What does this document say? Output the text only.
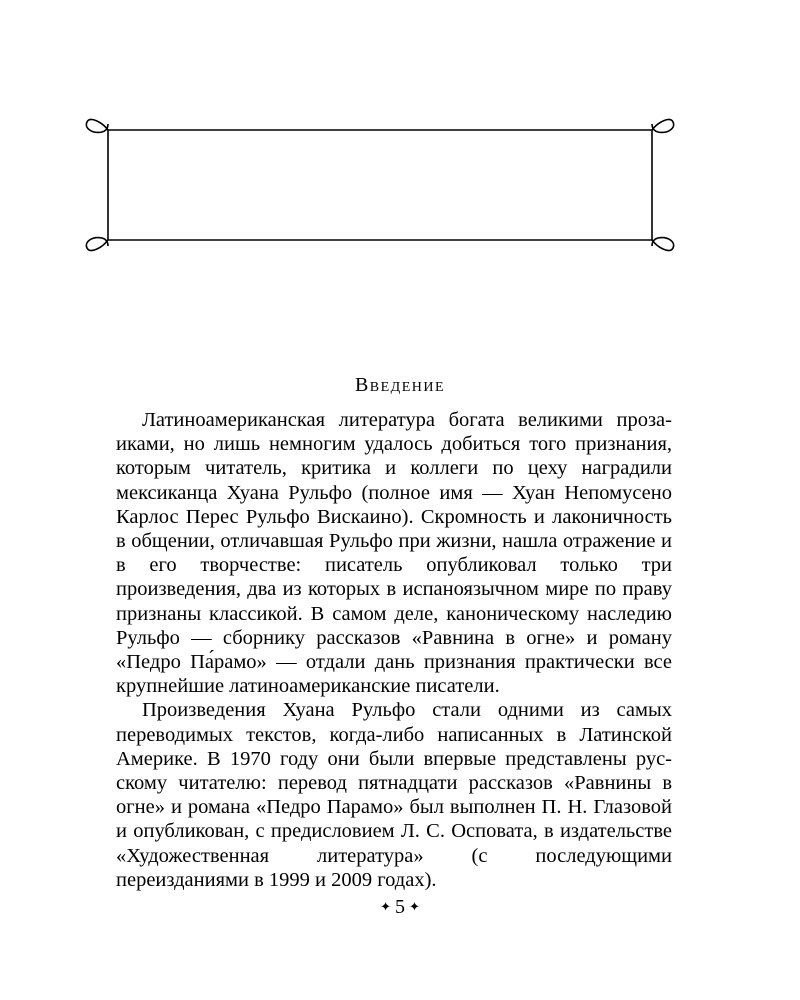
Введение

Латиноамериканская литература богата великими прозаиками, но лишь немногим удалось добиться того признания, которым читатель, критика и коллеги по цеху наградили мексиканца Хуана Рульфо (полное имя — Хуан Непомусено Карлос Перес Рульфо Вискаино). Скромность и лаконичность в общении, отличавшая Рульфо при жизни, нашла отражение и в его творчестве: писатель опубликовал только три произведения, два из которых в испаноязычном мире по праву признаны классикой. В самом деле, каноническому наследию Рульфо — сборнику рассказов «Равнина в огне» и роману «Педро Па́рамо» — отдали дань признания практически все крупнейшие латиноамериканские писатели.

Произведения Хуана Рульфо стали одними из самых переводимых текстов, когда-либо написанных в Латинской Америке. В 1970 году они были впервые представлены русскому читателю: перевод пятнадцати рассказов «Равнины в огне» и романа «Педро Парамо» был выполнен П. Н. Глазовой и опубликован, с предисловием Л. С. Осповата, в издательстве «Художественная литература» (с последующими переизданиями в 1999 и 2009 годах).

✦ 5 ✦
